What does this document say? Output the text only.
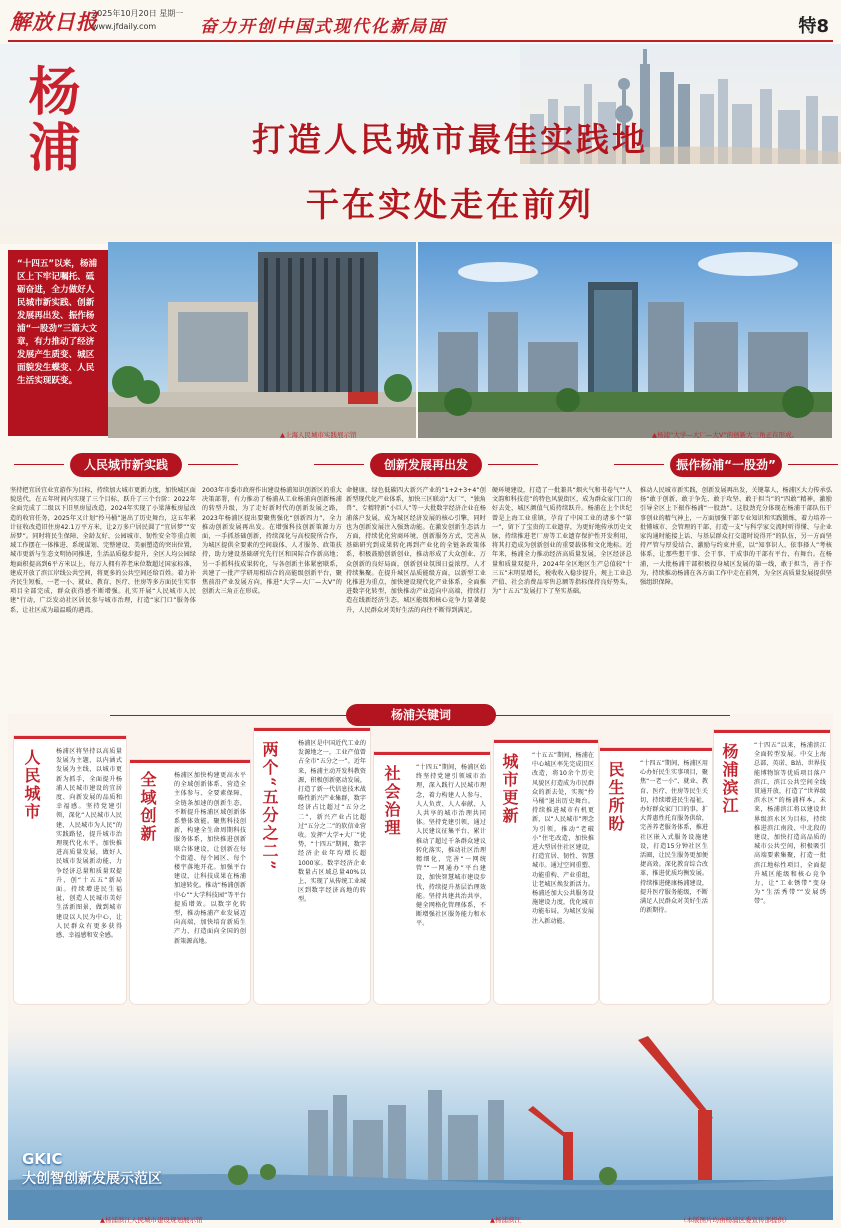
解放日报
2025年10月20日 星期一
www.jfdaily.com	奋力开创中国式现代化新局面	特8
杨浦	打造人民城市最佳实践地
干在实处走在前列
“十四五”以来，杨浦区上下牢记嘱托、砥砺奋进，全力做好人民城市新实践、创新发展再出发、振作杨浦“一股劲”三篇大文章，有力推动了经济发展产生质变、城区面貌发生蝶变、人民生活实现跃变。
▲上海人民城市实践展示馆	▲杨浦“大学—大厂—大V”的创新大三角正在形成。
人民城市新实践	创新发展再出发	振作杨浦“一股劲”
坚持把宜居宜业宜游作为目标，持续加大城市更新力度，加快城区面貌迭代，在五年时间内实现了三个目标，跃升了三个台阶：2022年全面完成了二级以下旧里房屋改造，2024年实现了小梁薄板房屋改造的收官任务，2025年又计划“拎马桶”退出了历史舞台，这五年累计征收改造旧住房42.1万平方米，让2万多户居民圆了“宜居梦”“安居梦”。同时将民生保障、全龄友好、公园城市、韧性安全等重点领域工作摆在一体推进、系统谋划、完整建设、美丽塑造的突出位置，城市更新与生态文明协同推进，生活品质稳步提升，全区人均公园绿地面积提高到6平方米以上，每万人拥有养老床位数超过国家标准，建成开放了滨江岸线公共空间，将更多的公共空间还给百姓。着力补齐民生短板，一老一小、就业、教育、医疗、住房等多方面民生实事项目全部完成，群众获得感不断增强。扎实开展“人民城市人民建”行动，广泛发动社区居民参与城市治理，打造“家门口”服务体系，让社区成为最温暖的港湾。
2003年市委市政府作出建设杨浦知识创新区的重大决策部署，有力推动了杨浦从工业杨浦向创新杨浦的转型升级，为了走好新时代的创新发展之路，2023年杨浦区提出要聚焦强化“创新四力”，全力推动创新发展再出发。在增强科技创新策源力方面，一手抓基础创新，持续深化与高校院所合作，为城区提供全要素的空间载体、人才服务、政策扶持，助力建设基础研究先行区和国际合作新高地；另一手抓科技成果转化，与各创新主体紧密联系，共建了一批产学研用相结合的高能级创新平台，聚焦前沿产业发展方向，推进“大学—大厂—大V”的创新大三角正在形成。
命健康、绿色低碳四大新兴产业的“1+2+3+4”创新型现代化产业体系，加快三区联动“大厂”、“独角兽”、专精特新“小巨人”等一大批数字经济企业在杨浦落户发展，成为城区经济发展的核心引擎，同时也为创新发展注入强劲动能。在激发创新生态活力方面，持续优化营商环境，创新服务方式，完善从基础研究到成果转化再到产业化的全链条政策体系，积极鼓励创新创业，推动形成了大众创业、万众创新的良好局面，创新创业氛围日益浓厚，人才持续集聚。在提升城区品质能级方面，以新型工业化推进为重点，加快建设现代化产业体系，全面推进数字化转型，加快推动产业迈向中高端，持续打造在线新经济生态，城区能级和核心竞争力显著提升，人民群众对美好生活的向往不断得到满足。
硬环境建设，打造了一批兼具“烟火气和书卷气”“人文韵和科技范”的特色风貌街区，成为群众家门口的好去处，城区颜值气质持续跃升。杨浦在上个世纪曾是上海工业重镇，孕育了中国工业的诸多个“第一”，留下了宝贵的工业遗存，为更好地传承历史文脉，持续推进老厂房等工业遗存保护性开发利用，将其打造成为创新创业的重要载体和文化地标。近年来，杨浦全力推动经济高质量发展，全区经济总量和质量双提升，2024年全区地区生产总值较“十三五”末明显增长，税收收入稳步提升，规上工业总产值、社会消费品零售总额等指标保持良好势头，为“十五五”发展打下了坚实基础。
推动人民城市新实践，创新发展再出发，关键靠人，杨浦区大力传承弘扬“敢于创新、敢于争先、敢于攻坚、敢于担当”的“四敢”精神，激励引导全区上下振作杨浦“一股劲”。这股劲充分体现在杨浦干部队伍干事创业的精气神上，一方面加强干部专业知识和实践锻炼，着力培养一批懂城市、会管理的干部，打造一支“与科学家交流时听得懂、与企业家沟通时能接上话、与基层群众打交道时说得开”的队伍，另一方面坚持严管与厚爱结合、激励与约束并重，以“知事识人、依事择人”考核体系，让那些想干事、会干事、干成事的干部有平台、有舞台。在杨浦，一大批杨浦干部积极投身城区发展的第一线，敢于担当，善于作为，持续推动杨浦在各方面工作中走在前列，为全区高质量发展提供坚强组织保障。
杨浦关键词
人民城市 杨浦区将坚持以高质量发展为主题，以内涵式发展为主线，以城市更新为抓手，全面提升杨浦人民城市建设的宜居度、向新发展的品质和幸福感。坚持党建引领，深化“人民城市人民建、人民城市为人民”的实践路径，提升城市治理现代化水平。加快推进高质量发展，做好人民城市发展新动能，力争经济总量和质量双提升，创“十五五”新局面。持续增进民生福祉，创造人民城市美好生活新图景，做到城市建设以人民为中心，让人民群众有更多获得感、幸福感和安全感。
全域创新	杨浦区加快构建更高水平的全域创新体系，营造全主体参与、全要素保障、全链条加速的创新生态，不断提升杨浦区域创新体系整体效能。聚焦科技创新，构建全生命周期科技服务体系，加快推进创新联合体建设，让创新在每个街道、每个园区、每个楼宇落地开花。加强平台建设，让科技成果在杨浦加速转化。推动“杨浦创新中心”“大学科技园”等平台提质增效。以数字化转型，推动杨浦产业发展迈向高端，加快培育新质生产力，打造面向全国的创新策源高地。
两个“五分之二”	杨浦区是中国近代工业的发源地之一，工业产值曾占全市“五分之一”。近年来，杨浦主动开发科教资源，积极创新驱动发展，打造了新一代信息技术战略性新兴产业集群，数字经济占比超过“五分之二”，新兴产业占比超过“五分之二”的软信业营收。发挥“大学+大厂”优势，“十四五”期间，数字经济企业年均增长超1000家。数字经济企业数量占区域总量40%以上，实现了从传统工业城区到数字经济高地的转型。
社会治理 “十四五”期间，杨浦区始终坚持党建引领城市治理，深入践行人民城市理念，着力构建人人参与、人人负责、人人奉献、人人共享的城市治理共同体。坚持党建引领，通过人民建议征集平台，累计推动了超过千条群众建议转化落实，推动社区治理精细化，完善“一网统管”“一网通办”平台建设，加快智慧城市建设步伐，持续提升基层治理效能。坚持共建共治共享，健全网格化管理体系，不断增强社区服务能力和水平。
城市更新 “十五五”期间，杨浦在中心城区率先完成旧区改造，将10余个历史风貌区打造成为市民群众的新去处，实现“拎马桶”退出历史舞台。持续推进城市有机更新，以“人民城市”理念为引领，推动“老破小”住宅改造，加快推进大型居住社区建设，打造宜居、韧性、智慧城市。通过空间重塑、功能重构、产业重组，让老城区焕发新活力。杨浦还加大公共服务设施建设力度，优化城市功能布局，为城区发展注入新动能。
民生所盼 “十四五”期间，杨浦区用心办好民生实事项目，聚焦“一老一小”、就业、教育、医疗、住房等民生关切，持续增进民生福祉，办好群众家门口的事。扩大普惠性托育服务供给，完善养老服务体系，推进社区嵌入式服务设施建设，打造15分钟社区生活圈，让民生服务更加便捷高效。深化教育综合改革，推进优质均衡发展。持续推进健康杨浦建设，提升医疗服务能级，不断满足人民群众对美好生活的新期待。
杨浦滨江 “十四五”以来，杨浦滨江全面转型发展。中交上海总部、英诺、B站、世界技能博物馆等优质项目落户滨江，滨江公共空间全线贯通开放，打造了“世界级滨水区”的杨浦样本。未来，杨浦滨江将以建设世界级滨水区为目标，持续推进滨江南段、中北段的建设，加快打造高品质的城市公共空间，积极吸引高端要素集聚，打造一批滨江地标性项目，全面提升城区能级和核心竞争力，让“工业锈带”变身为“生活秀带”“发展绣带”。
GKIC
大创智创新发展示范区
▲杨浦滨江人民城市建设规划展示馆	▲杨浦滨江	（本版图片均由杨浦区委宣传部提供）
